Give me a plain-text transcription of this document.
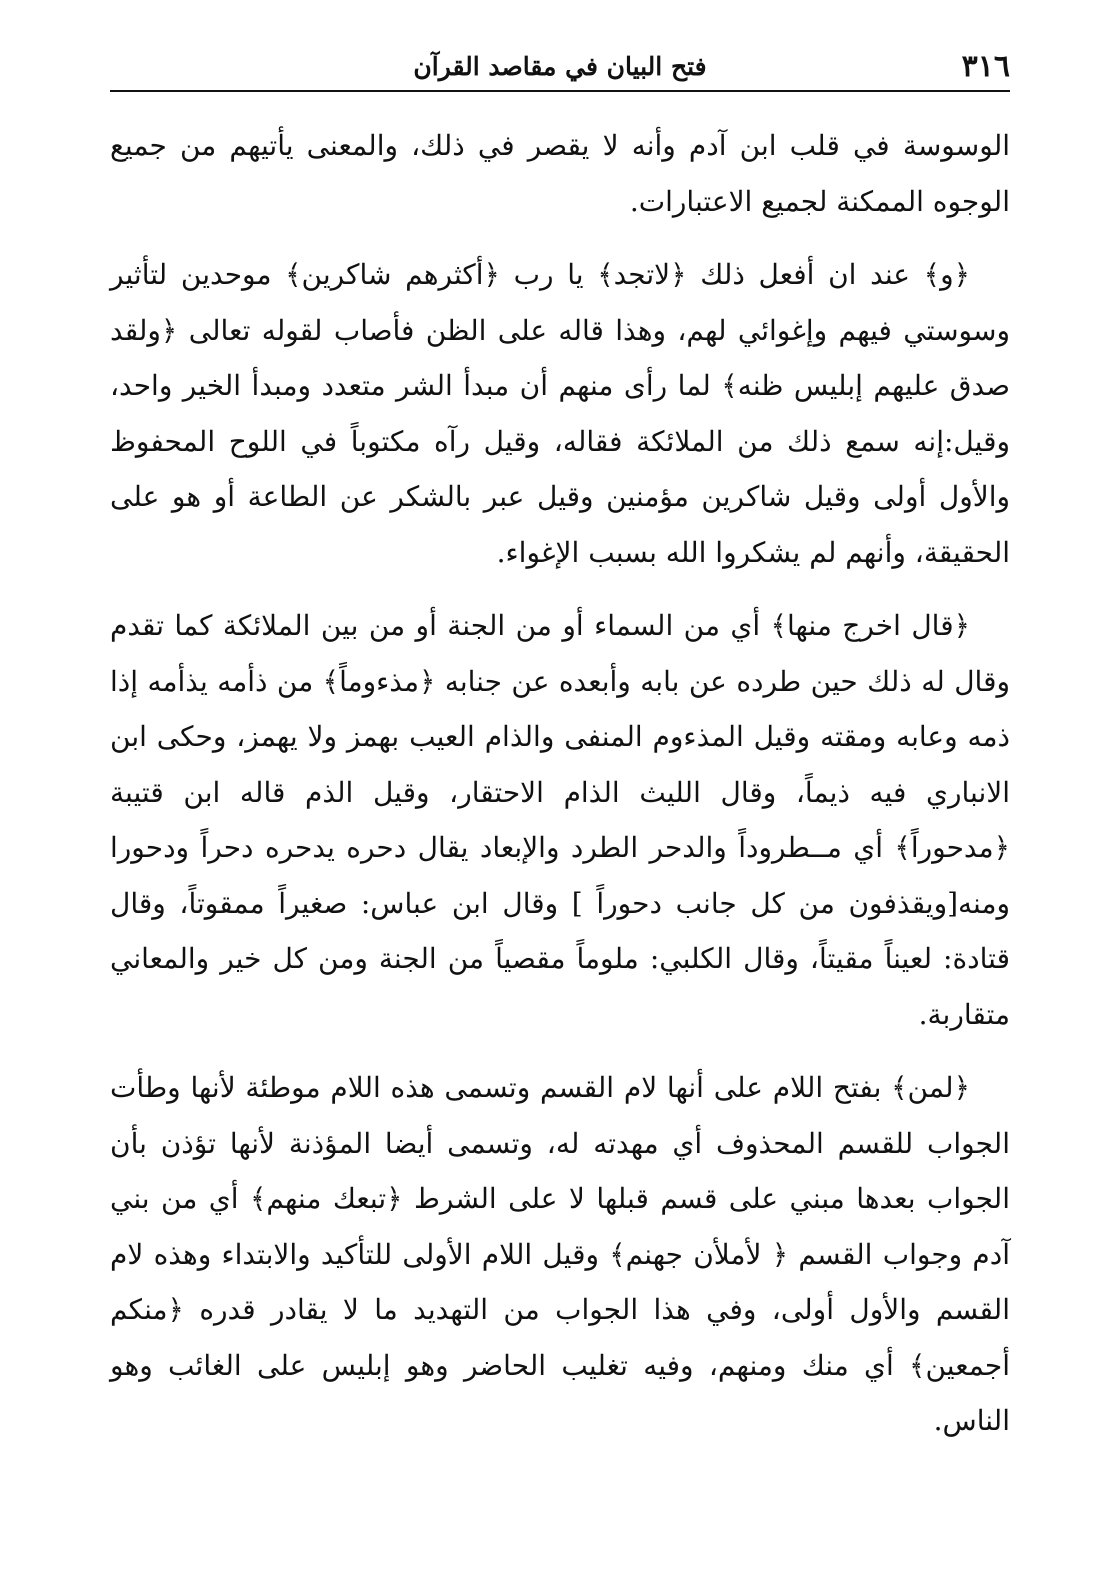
٣١٦
فتح البيان في مقاصد القرآن

الوسوسة في قلب ابن آدم وأنه لا يقصر في ذلك، والمعنى يأتيهم من جميع الوجوه الممكنة لجميع الاعتبارات.

﴿و﴾ عند ان أفعل ذلك ﴿لاتجد﴾ يا رب ﴿أكثرهم شاكرين﴾ موحدين لتأثير وسوستي فيهم وإغوائي لهم، وهذا قاله على الظن فأصاب لقوله تعالى ﴿ولقد صدق عليهم إبليس ظنه﴾ لما رأى منهم أن مبدأ الشر متعدد ومبدأ الخير واحد، وقيل:إنه سمع ذلك من الملائكة فقاله، وقيل رآه مكتوباً في اللوح المحفوظ والأول أولى وقيل شاكرين مؤمنين وقيل عبر بالشكر عن الطاعة أو هو على الحقيقة، وأنهم لم يشكروا الله بسبب الإغواء.

﴿قال اخرج منها﴾ أي من السماء أو من الجنة أو من بين الملائكة كما تقدم وقال له ذلك حين طرده عن بابه وأبعده عن جنابه ﴿مذءوماً﴾ من ذأمه يذأمه إذا ذمه وعابه ومقته وقيل المذءوم المنفى والذام العيب بهمز ولا يهمز، وحكى ابن الانباري فيه ذيماً، وقال الليث الذام الاحتقار، وقيل الذم قاله ابن قتيبة ﴿مدحوراً﴾ أي مــطروداً والدحر الطرد والإبعاد يقال دحره يدحره دحراً ودحورا ومنه[ويقذفون من كل جانب دحوراً ] وقال ابن عباس: صغيراً ممقوتاً، وقال قتادة: لعيناً مقيتاً، وقال الكلبي: ملوماً مقصياً من الجنة ومن كل خير والمعاني متقاربة.

﴿لمن﴾ بفتح اللام على أنها لام القسم وتسمى هذه اللام موطئة لأنها وطأت الجواب للقسم المحذوف أي مهدته له، وتسمى أيضا المؤذنة لأنها تؤذن بأن الجواب بعدها مبني على قسم قبلها لا على الشرط ﴿تبعك منهم﴾ أي من بني آدم وجواب القسم ﴿ لأملأن جهنم﴾ وقيل اللام الأولى للتأكيد والابتداء وهذه لام القسم والأول أولى، وفي هذا الجواب من التهديد ما لا يقادر قدره ﴿منكم أجمعين﴾ أي منك ومنهم، وفيه تغليب الحاضر وهو إبليس على الغائب وهو الناس.
